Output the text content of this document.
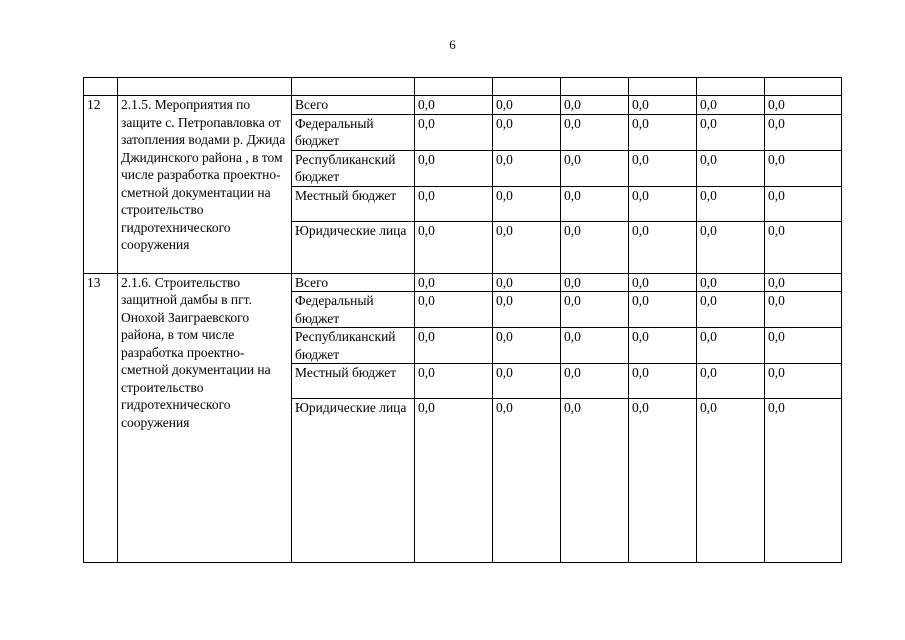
6

12	2.1.5. Мероприятия по защите с. Петропавловка от затопления водами р. Джида Джидинского района , в том числе разработка проектно-сметной документации на строительство гидротехнического сооружения	Всего	0,0	0,0	0,0	0,0	0,0	0,0
		Федеральный бюджет	0,0	0,0	0,0	0,0	0,0	0,0
		Республиканский бюджет	0,0	0,0	0,0	0,0	0,0	0,0
		Местный бюджет	0,0	0,0	0,0	0,0	0,0	0,0
		Юридические лица	0,0	0,0	0,0	0,0	0,0	0,0
13	2.1.6. Строительство защитной дамбы в пгт. Онохой Заиграевского района, в том числе разработка проектно-сметной документации на строительство гидротехнического сооружения	Всего	0,0	0,0	0,0	0,0	0,0	0,0
		Федеральный бюджет	0,0	0,0	0,0	0,0	0,0	0,0
		Республиканский бюджет	0,0	0,0	0,0	0,0	0,0	0,0
		Местный бюджет	0,0	0,0	0,0	0,0	0,0	0,0
		Юридические лица	0,0	0,0	0,0	0,0	0,0	0,0
